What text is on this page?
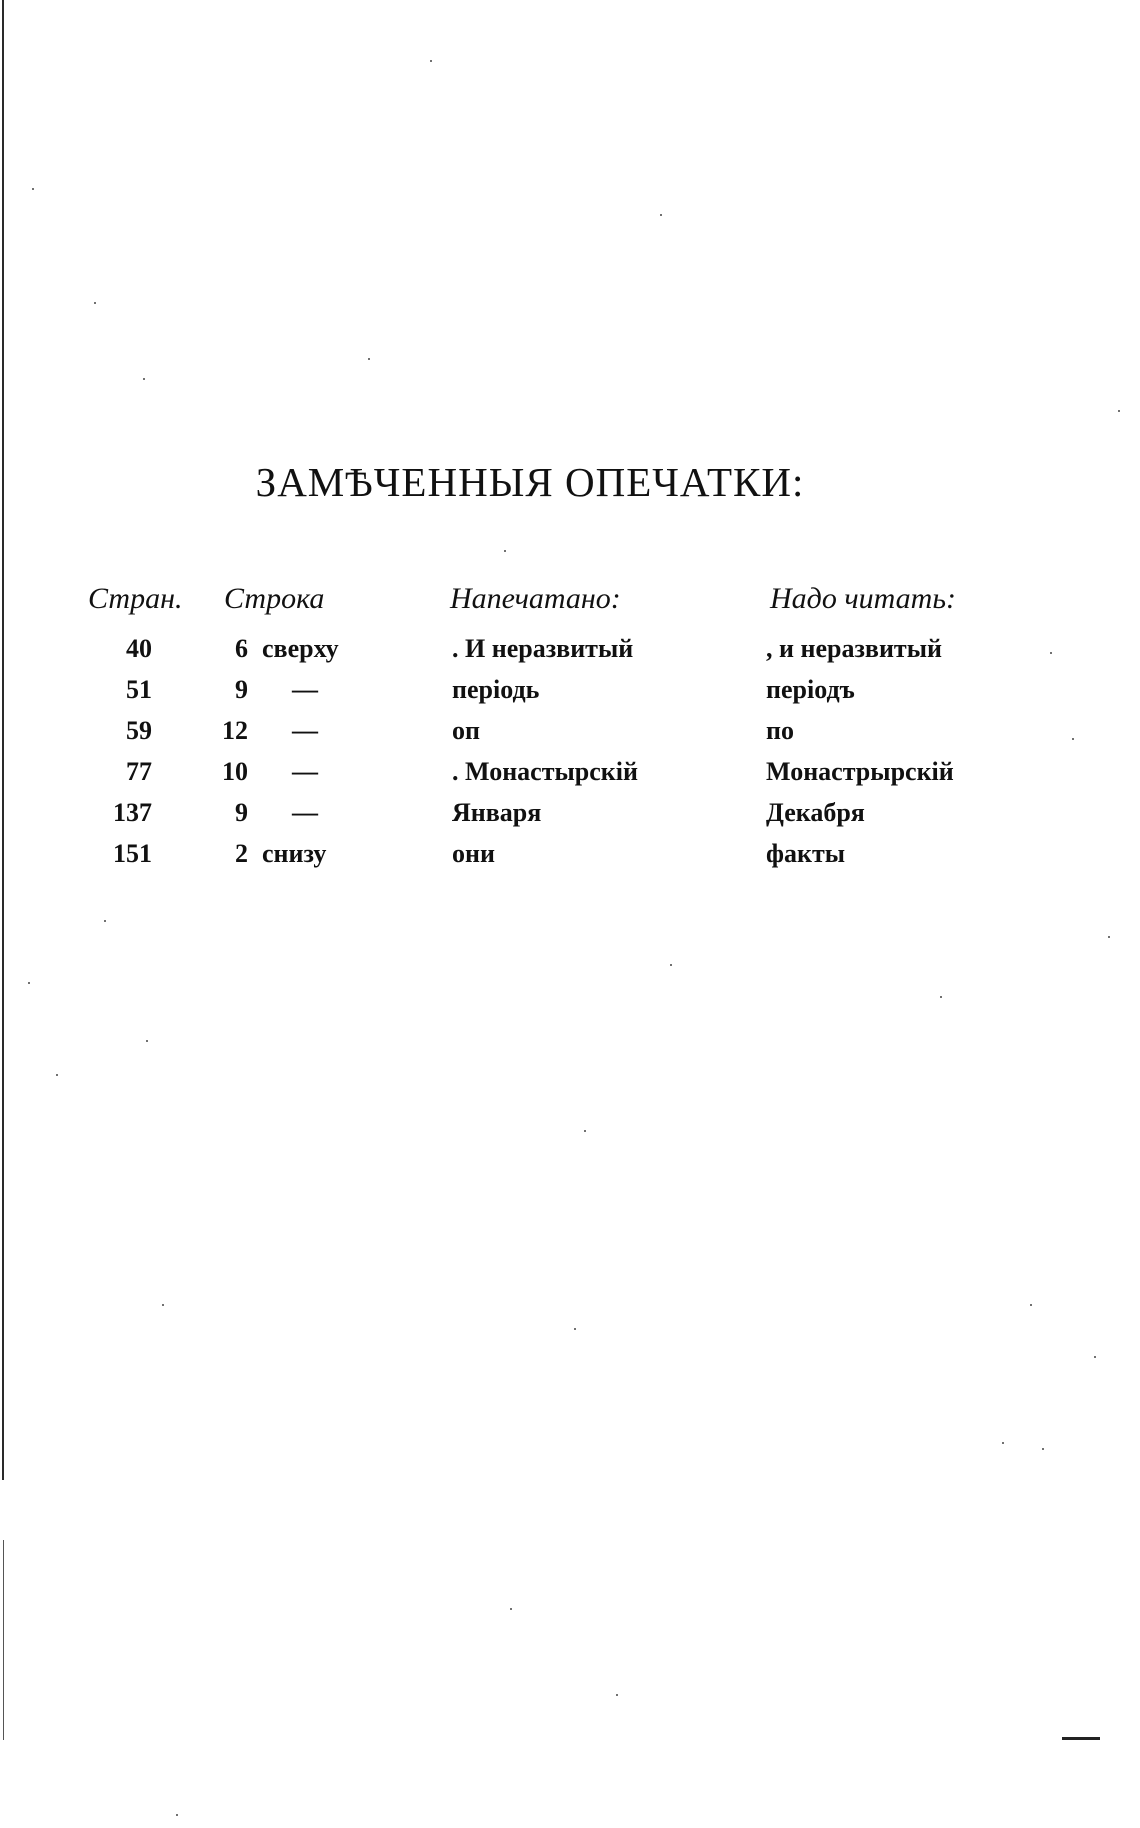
ЗАМѢЧЕННЫЯ ОПЕЧАТКИ:
Стран. Строка	Напечатано:	Надо читать:
40	6 сверху	. И неразвитый	, и неразвитый
51	9	—	перiодь	перiодъ
59	12	—	оп	по
77	10	—	. Монастырскiй	Монастрырскiй
137	9	—	Января	Декабря
151	2 снизу	они	факты
